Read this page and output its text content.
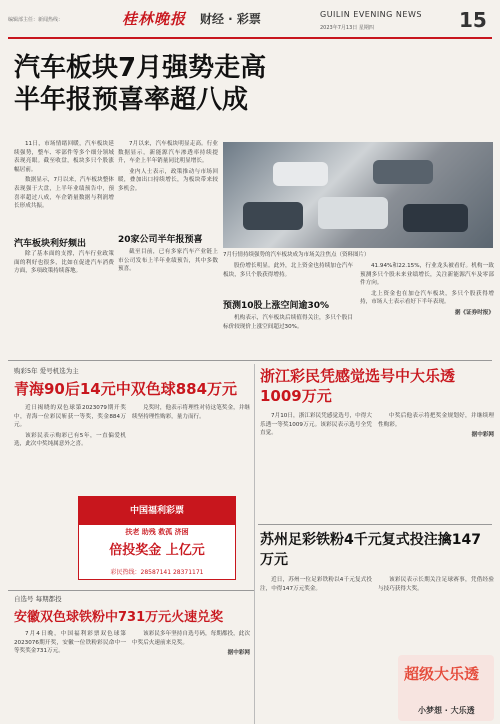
编辑部主任：新闻热线：	桂林晚报 财经 · 彩票	GUILIN EVENING NEWS
2023年7月13日 星期四	15
汽车板块7月强势走高
半年报预喜率超八成

11日，市场情绪回暖，汽车板块延续强势，整车、零部件等多个细分领域表现亮眼。截至收盘，板块多只个股涨幅居前。

数据显示，7月以来，汽车板块整体表现强于大盘，上半年业绩预告中，预喜率超过八成，车企销量数据与利润增长形成共振。

汽车板块利好频出

除了基本面的支撑，汽车行业政策面的利好也很多，比如在促进汽车消费方面，多项政策持续落地。

7月以来，汽车板块明显走高。行业数据显示，新能源汽车渗透率持续提升，车企上半年销量同比明显增长。

业内人士表示，政策推动与市场回暖，叠加出口持续增长，为板块带来较多机会。

20家公司半年报预喜

截至目前，已有多家汽车产业链上市公司发布上半年业绩预告，其中多数预喜。

7月行情持续强势的汽车板块成为市场关注焦点（资料图片）

股份增长明显。此外，北上资金也持续加仓汽车板块，多只个股获得增持。

预测10股上涨空间逾30%

机构表示，汽车板块后续值得关注，多只个股目标价较现价上涨空间超过30%。

41.94%和22.15%，行业龙头被看好。机构一致预测多只个股未来业绩增长，关注新能源汽车及零部件方向。

北上资金也在加仓汽车板块，多只个股获得增持，市场人士表示看好下半年表现。

据《证券时报》

购彩5年 爱号机选为主
青海90后14元中双色球884万元

近日揭晓的双色球第2023079期开奖中，青海一位彩民斩获一等奖，奖金884万元。

该彩民表示购彩已有5年，一直偏爱机选，此次中奖纯属意外之喜。

兑奖时，他表示将理性对待这笔奖金，并继续坚持理性购彩，量力而行。

中国福利彩票
扶老 助残 救孤 济困
倍投奖金 上亿元
彩民热线：28587141 28371171
浙江彩民凭感觉选号中大乐透1009万元

7月10日，浙江彩民凭感觉选号，中得大乐透一等奖1009万元。该彩民表示选号全凭直觉。

中奖后他表示将把奖金规划好，并继续理性购彩。

据中彩网

自选号 每期都投
安徽双色球铁粉中731万元火速兑奖

7月4日晚，中国福利彩票双色球第2023076期开奖，安徽一位铁粉彩民命中一等奖奖金731万元。

该彩民多年坚持自选号码，每期都投，此次中奖后火速前来兑奖。

据中彩网

苏州足彩铁粉4千元复式投注擒147万元

近日，苏州一位足彩铁粉以4千元复式投注，中得147万元奖金。

该彩民表示长期关注足球赛事，凭借经验与技巧获得大奖。

超级大乐透
小梦想 · 大乐透
